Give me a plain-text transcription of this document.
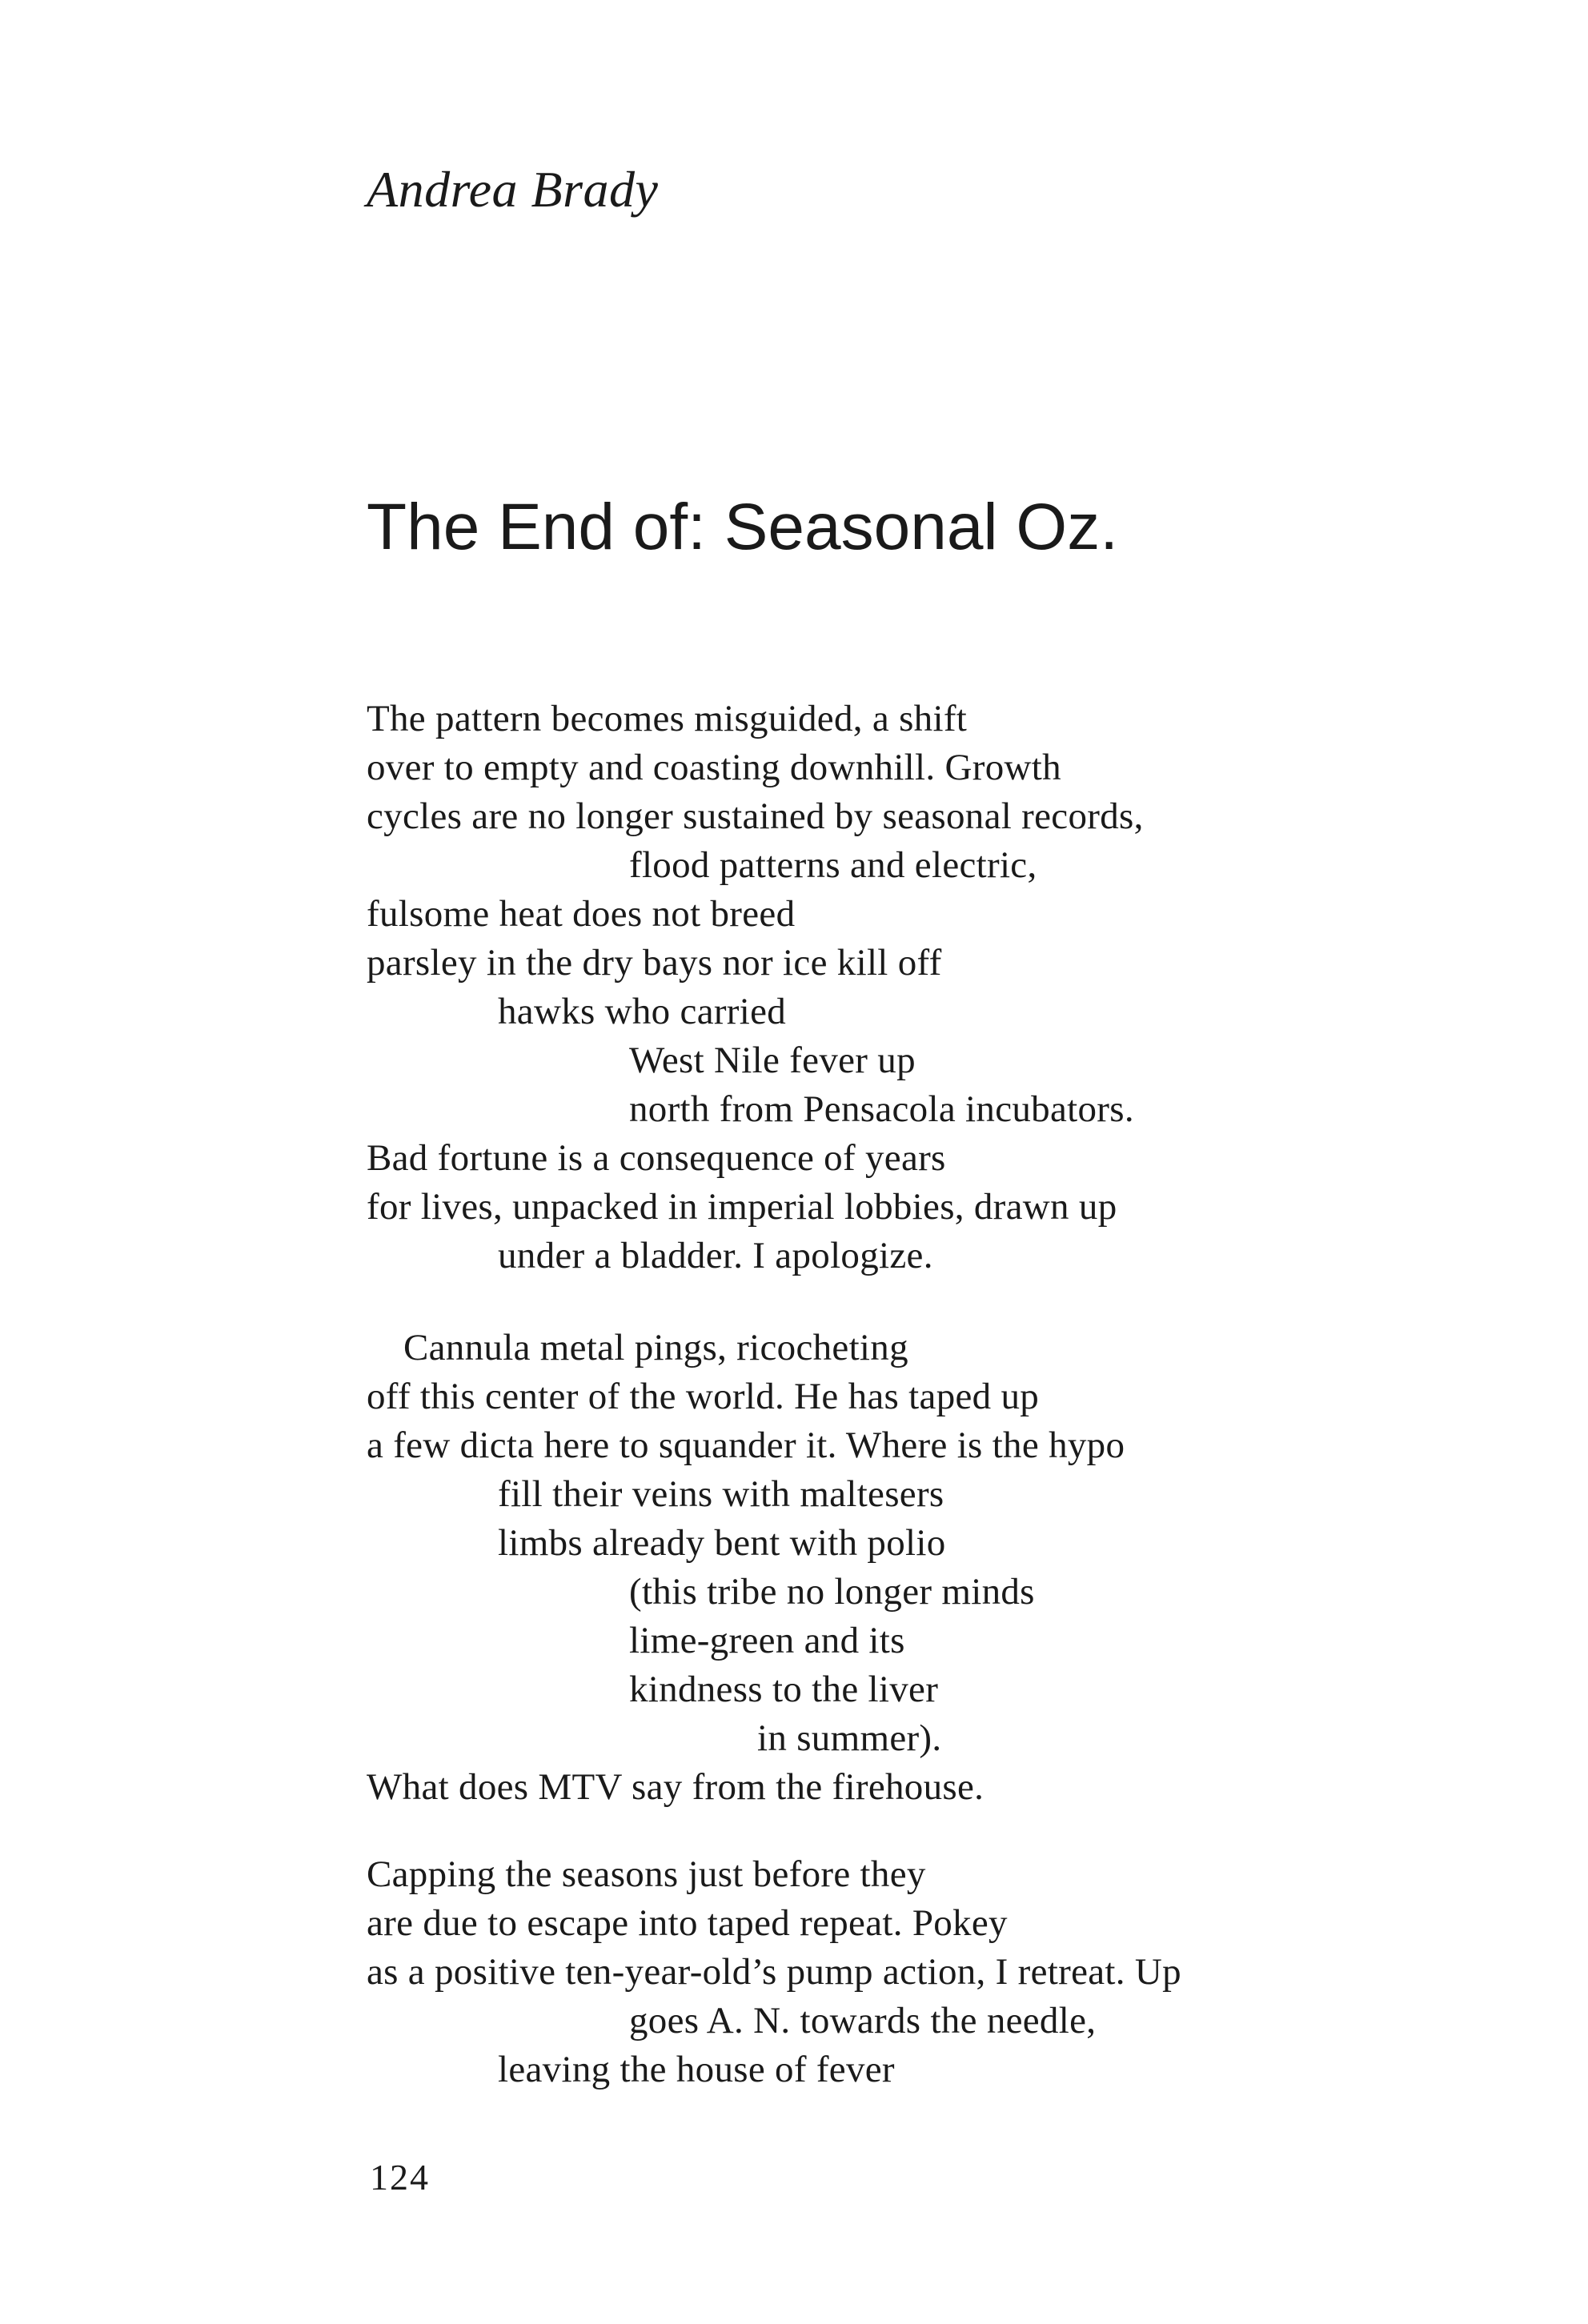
Andrea Brady
The End of: Seasonal Oz.
The pattern becomes misguided, a shift
over to empty and coasting downhill. Growth
cycles are no longer sustained by seasonal records,
flood patterns and electric,
fulsome heat does not breed
parsley in the dry bays nor ice kill off
hawks who carried
West Nile fever up
north from Pensacola incubators.
Bad fortune is a consequence of years
for lives, unpacked in imperial lobbies, drawn up
under a bladder. I apologize.
Cannula metal pings, ricocheting
off this center of the world. He has taped up
a few dicta here to squander it. Where is the hypo
fill their veins with maltesers
limbs already bent with polio
(this tribe no longer minds
lime-green and its
kindness to the liver
in summer).
What does MTV say from the firehouse.
Capping the seasons just before they
are due to escape into taped repeat. Pokey
as a positive ten-year-old’s pump action, I retreat. Up
goes A. N. towards the needle,
leaving the house of fever
124
